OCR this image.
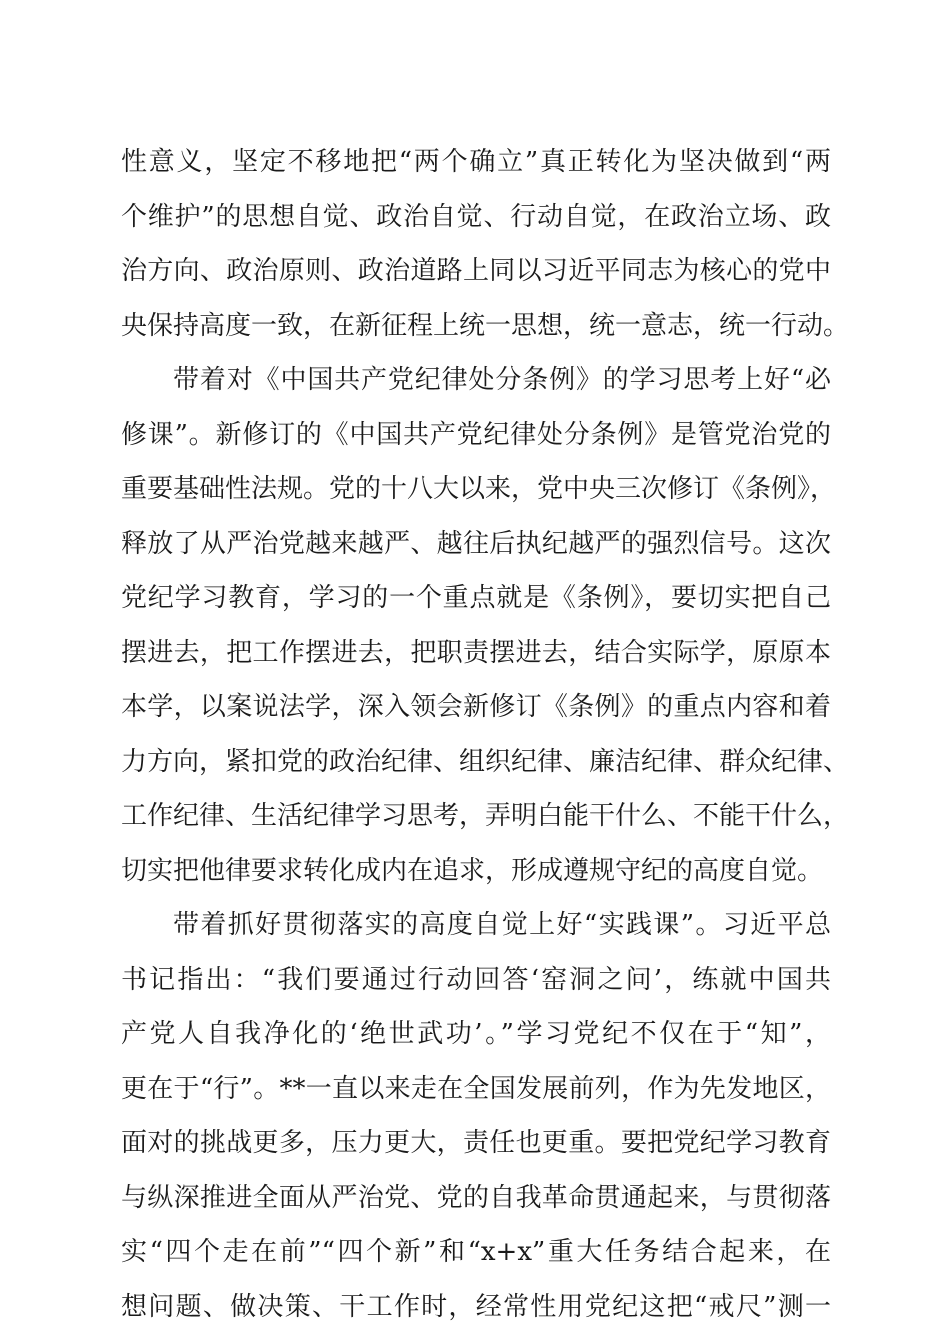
性意义，坚定不移地把“两个确立”真正转化为坚决做到“两
个维护”的思想自觉、政治自觉、行动自觉，在政治立场、政
治方向、政治原则、政治道路上同以习近平同志为核心的党中
央保持高度一致，在新征程上统一思想，统一意志，统一行动。
带着对《中国共产党纪律处分条例》的学习思考上好“必
修课”。新修订的《中国共产党纪律处分条例》是管党治党的
重要基础性法规。党的十八大以来，党中央三次修订《条例》，
释放了从严治党越来越严、越往后执纪越严的强烈信号。这次
党纪学习教育，学习的一个重点就是《条例》，要切实把自己
摆进去，把工作摆进去，把职责摆进去，结合实际学，原原本
本学，以案说法学，深入领会新修订《条例》的重点内容和着
力方向，紧扣党的政治纪律、组织纪律、廉洁纪律、群众纪律、
工作纪律、生活纪律学习思考，弄明白能干什么、不能干什么，
切实把他律要求转化成内在追求，形成遵规守纪的高度自觉。
带着抓好贯彻落实的高度自觉上好“实践课”。习近平总
书记指出：“我们要通过行动回答‘窑洞之问’，练就中国共
产党人自我净化的‘绝世武功’。”学习党纪不仅在于“知”，
更在于“行”。**一直以来走在全国发展前列，作为先发地区，
面对的挑战更多，压力更大，责任也更重。要把党纪学习教育
与纵深推进全面从严治党、党的自我革命贯通起来，与贯彻落
实“四个走在前”“四个新”和“x+x”重大任务结合起来，在
想问题、做决策、干工作时，经常性用党纪这把“戒尺”测一
